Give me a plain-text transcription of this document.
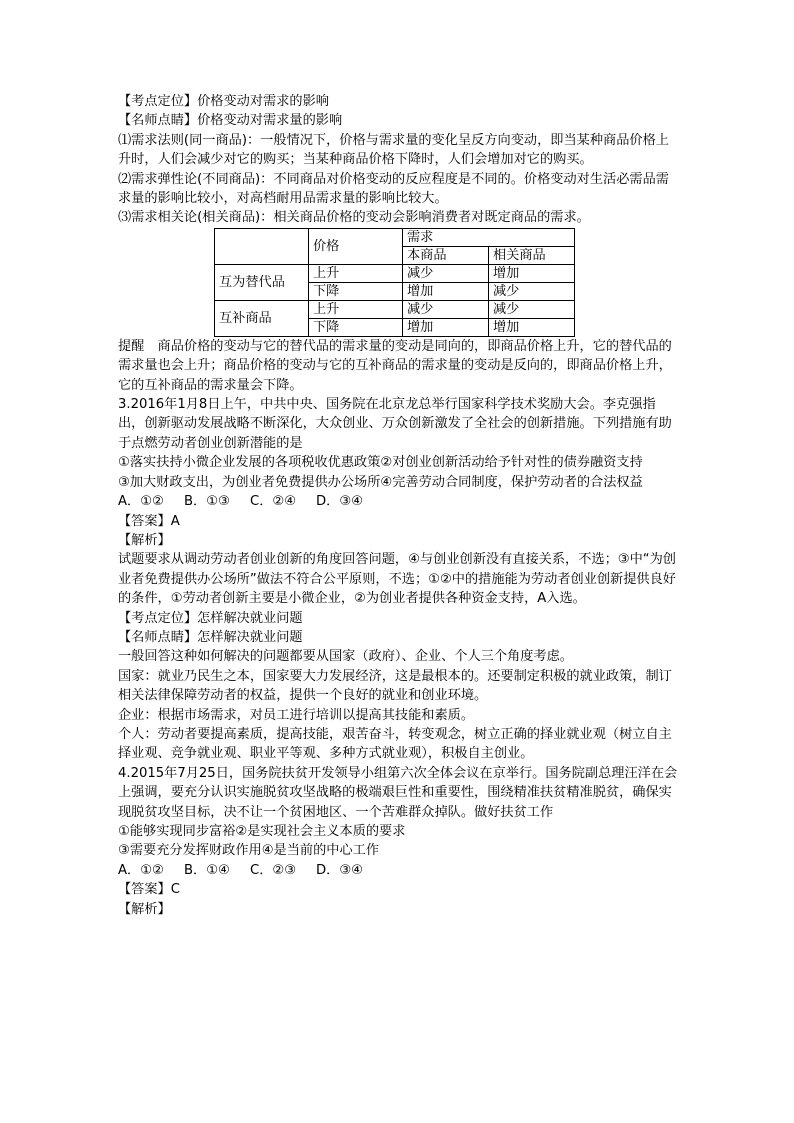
【考点定位】价格变动对需求的影响
【名师点睛】价格变动对需求量的影响
⑴需求法则(同一商品)：一般情况下，价格与需求量的变化呈反方向变动，即当某种商品价格上升时，人们会减少对它的购买；当某种商品价格下降时，人们会增加对它的购买。
⑵需求弹性论(不同商品)：不同商品对价格变动的反应程度是不同的。价格变动对生活必需品需求量的影响比较小，对高档耐用品需求量的影响比较大。
⑶需求相关论(相关商品)：相关商品价格的变动会影响消费者对既定商品的需求。
	价格	需求	
		本商品	相关商品
互为替代品	上升	减少	增加
	下降	增加	减少
互补商品	上升	减少	减少
	下降	增加	增加
提醒　商品价格的变动与它的替代品的需求量的变动是同向的，即商品价格上升，它的替代品的需求量也会上升；商品价格的变动与它的互补商品的需求量的变动是反向的，即商品价格上升，它的互补商品的需求量会下降。
3.2016年1月8日上午，中共中央、国务院在北京龙总举行国家科学技术奖励大会。李克强指出，创新驱动发展战略不断深化，大众创业、万众创新激发了全社会的创新措施。下列措施有助于点燃劳动者创业创新潜能的是
①落实扶持小微企业发展的各项税收优惠政策②对创业创新活动给予针对性的债券融资支持
③加大财政支出，为创业者免费提供办公场所④完善劳动合同制度，保护劳动者的合法权益
A．①② B．①③ C．②④ D．③④
【答案】A
【解析】
试题要求从调动劳动者创业创新的角度回答问题，④与创业创新没有直接关系，不选；③中“为创业者免费提供办公场所”做法不符合公平原则，不选；①②中的措施能为劳动者创业创新提供良好的条件，①劳动者创新主要是小微企业，②为创业者提供各种资金支持，A入选。
【考点定位】怎样解决就业问题
【名师点睛】怎样解决就业问题
一般回答这种如何解决的问题都要从国家（政府）、企业、个人三个角度考虑。
国家：就业乃民生之本，国家要大力发展经济，这是最根本的。还要制定积极的就业政策，制订相关法律保障劳动者的权益，提供一个良好的就业和创业环境。
企业：根据市场需求，对员工进行培训以提高其技能和素质。
个人：劳动者要提高素质，提高技能，艰苦奋斗，转变观念，树立正确的择业就业观（树立自主择业观、竞争就业观、职业平等观、多种方式就业观），积极自主创业。
4.2015年7月25日，国务院扶贫开发领导小组第六次全体会议在京举行。国务院副总理汪洋在会上强调，要充分认识实施脱贫攻坚战略的极端艰巨性和重要性，围绕精准扶贫精准脱贫，确保实现脱贫攻坚目标，决不让一个贫困地区、一个苦难群众掉队。做好扶贫工作
①能够实现同步富裕②是实现社会主义本质的要求
③需要充分发挥财政作用④是当前的中心工作
A．①② B．①④ C．②③ D．③④
【答案】C
【解析】
